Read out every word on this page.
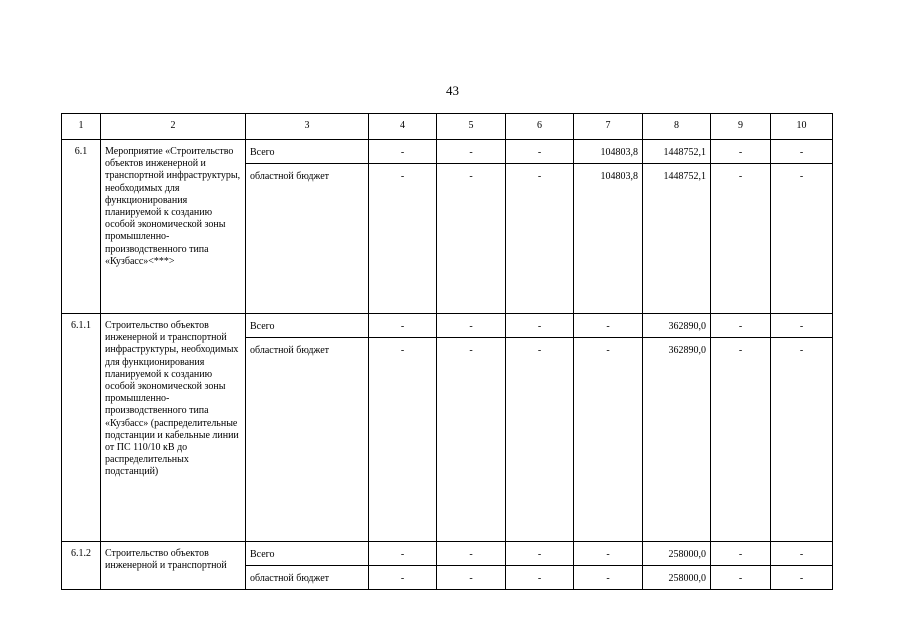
43
1	2	3	4	5	6	7	8	9	10
6.1	Мероприятие «Строительство объектов инженерной и транспортной инфраструктуры, необходимых для функционирования планируемой к созданию особой экономической зоны промышленно-производственного типа «Кузбасс»<***>	Всего	-	-	-	104803,8	1448752,1	-	-
		областной бюджет	-	-	-	104803,8	1448752,1	-	-
6.1.1	Строительство объектов инженерной и транспортной инфраструктуры, необходимых для функционирования планируемой к созданию особой экономической зоны промышленно-производственного типа «Кузбасс» (распределительные подстанции и кабельные линии от ПС 110/10 кВ до распределительных подстанций)	Всего	-	-	-	-	362890,0	-	-
		областной бюджет	-	-	-	-	362890,0	-	-
6.1.2	Строительство объектов инженерной и транспортной	Всего	-	-	-	-	258000,0	-	-
		областной бюджет	-	-	-	-	258000,0	-	-
